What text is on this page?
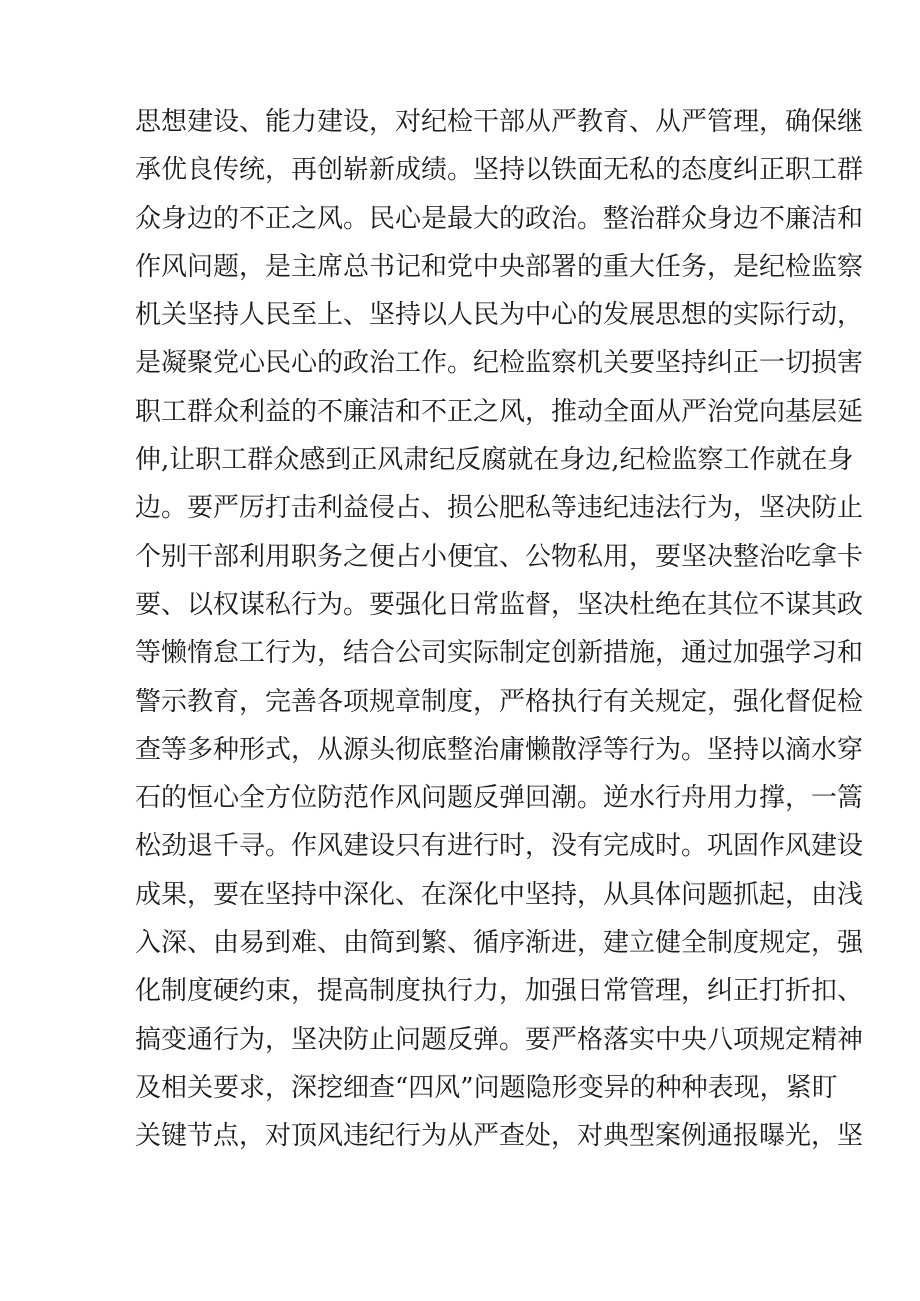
思想建设、能力建设，对纪检干部从严教育、从严管理，确保继
承优良传统，再创崭新成绩。坚持以铁面无私的态度纠正职工群
众身边的不正之风。民心是最大的政治。整治群众身边不廉洁和
作风问题，是主席总书记和党中央部署的重大任务，是纪检监察
机关坚持人民至上、坚持以人民为中心的发展思想的实际行动，
是凝聚党心民心的政治工作。纪检监察机关要坚持纠正一切损害
职工群众利益的不廉洁和不正之风，推动全面从严治党向基层延
伸,让职工群众感到正风肃纪反腐就在身边,纪检监察工作就在身
边。要严厉打击利益侵占、损公肥私等违纪违法行为，坚决防止
个别干部利用职务之便占小便宜、公物私用，要坚决整治吃拿卡
要、以权谋私行为。要强化日常监督，坚决杜绝在其位不谋其政
等懒惰怠工行为，结合公司实际制定创新措施，通过加强学习和
警示教育，完善各项规章制度，严格执行有关规定，强化督促检
查等多种形式，从源头彻底整治庸懒散浮等行为。坚持以滴水穿
石的恒心全方位防范作风问题反弹回潮。逆水行舟用力撑，一篙
松劲退千寻。作风建设只有进行时，没有完成时。巩固作风建设
成果，要在坚持中深化、在深化中坚持，从具体问题抓起，由浅
入深、由易到难、由简到繁、循序渐进，建立健全制度规定，强
化制度硬约束，提高制度执行力，加强日常管理，纠正打折扣、
搞变通行为，坚决防止问题反弹。要严格落实中央八项规定精神
及相关要求，深挖细查“四风”问题隐形变异的种种表现，紧盯
关键节点，对顶风违纪行为从严查处，对典型案例通报曝光，坚
